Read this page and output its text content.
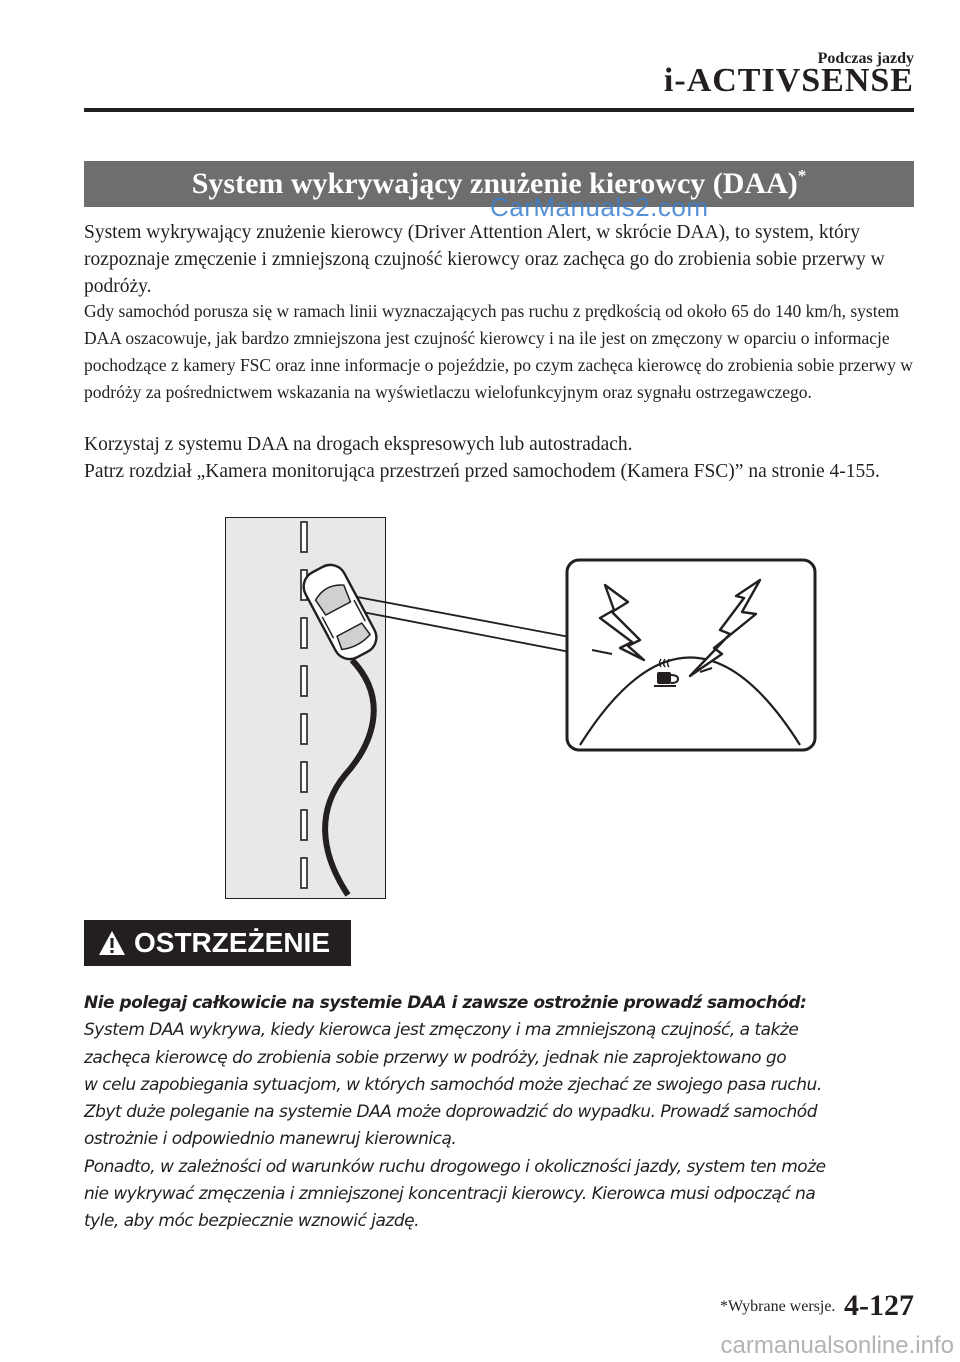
Podczas jazdy
i-ACTIVSENSE
System wykrywający znużenie kierowcy (DAA)*
CarManuals2.com
System wykrywający znużenie kierowcy (Driver Attention Alert, w skrócie DAA), to system, który rozpoznaje zmęczenie i zmniejszoną czujność kierowcy oraz zachęca go do zrobienia sobie przerwy w podróży.
Gdy samochód porusza się w ramach linii wyznaczających pas ruchu z prędkością od około 65 do 140 km/h, system DAA oszacowuje, jak bardzo zmniejszona jest czujność kierowcy i na ile jest on zmęczony w oparciu o informacje pochodzące z kamery FSC oraz inne informacje o pojeździe, po czym zachęca kierowcę do zrobienia sobie przerwy w podróży za pośrednictwem wskazania na wyświetlaczu wielofunkcyjnym oraz sygnału ostrzegawczego.
Korzystaj z systemu DAA na drogach ekspresowych lub autostradach.
Patrz rozdział „Kamera monitorująca przestrzeń przed samochodem (Kamera FSC)” na stronie 4-155.
OSTRZEŻENIE
Nie polegaj całkowicie na systemie DAA i zawsze ostrożnie prowadź samochód:
System DAA wykrywa, kiedy kierowca jest zmęczony i ma zmniejszoną czujność, a także
zachęca kierowcę do zrobienia sobie przerwy w podróży, jednak nie zaprojektowano go
w celu zapobiegania sytuacjom, w których samochód może zjechać ze swojego pasa ruchu.
Zbyt duże poleganie na systemie DAA może doprowadzić do wypadku. Prowadź samochód
ostrożnie i odpowiednio manewruj kierownicą.
Ponadto, w zależności od warunków ruchu drogowego i okoliczności jazdy, system ten może
nie wykrywać zmęczenia i zmniejszonej koncentracji kierowcy. Kierowca musi odpocząć na
tyle, aby móc bezpiecznie wznowić jazdę.
*Wybrane wersje. 4-127
carmanualsonline.info
